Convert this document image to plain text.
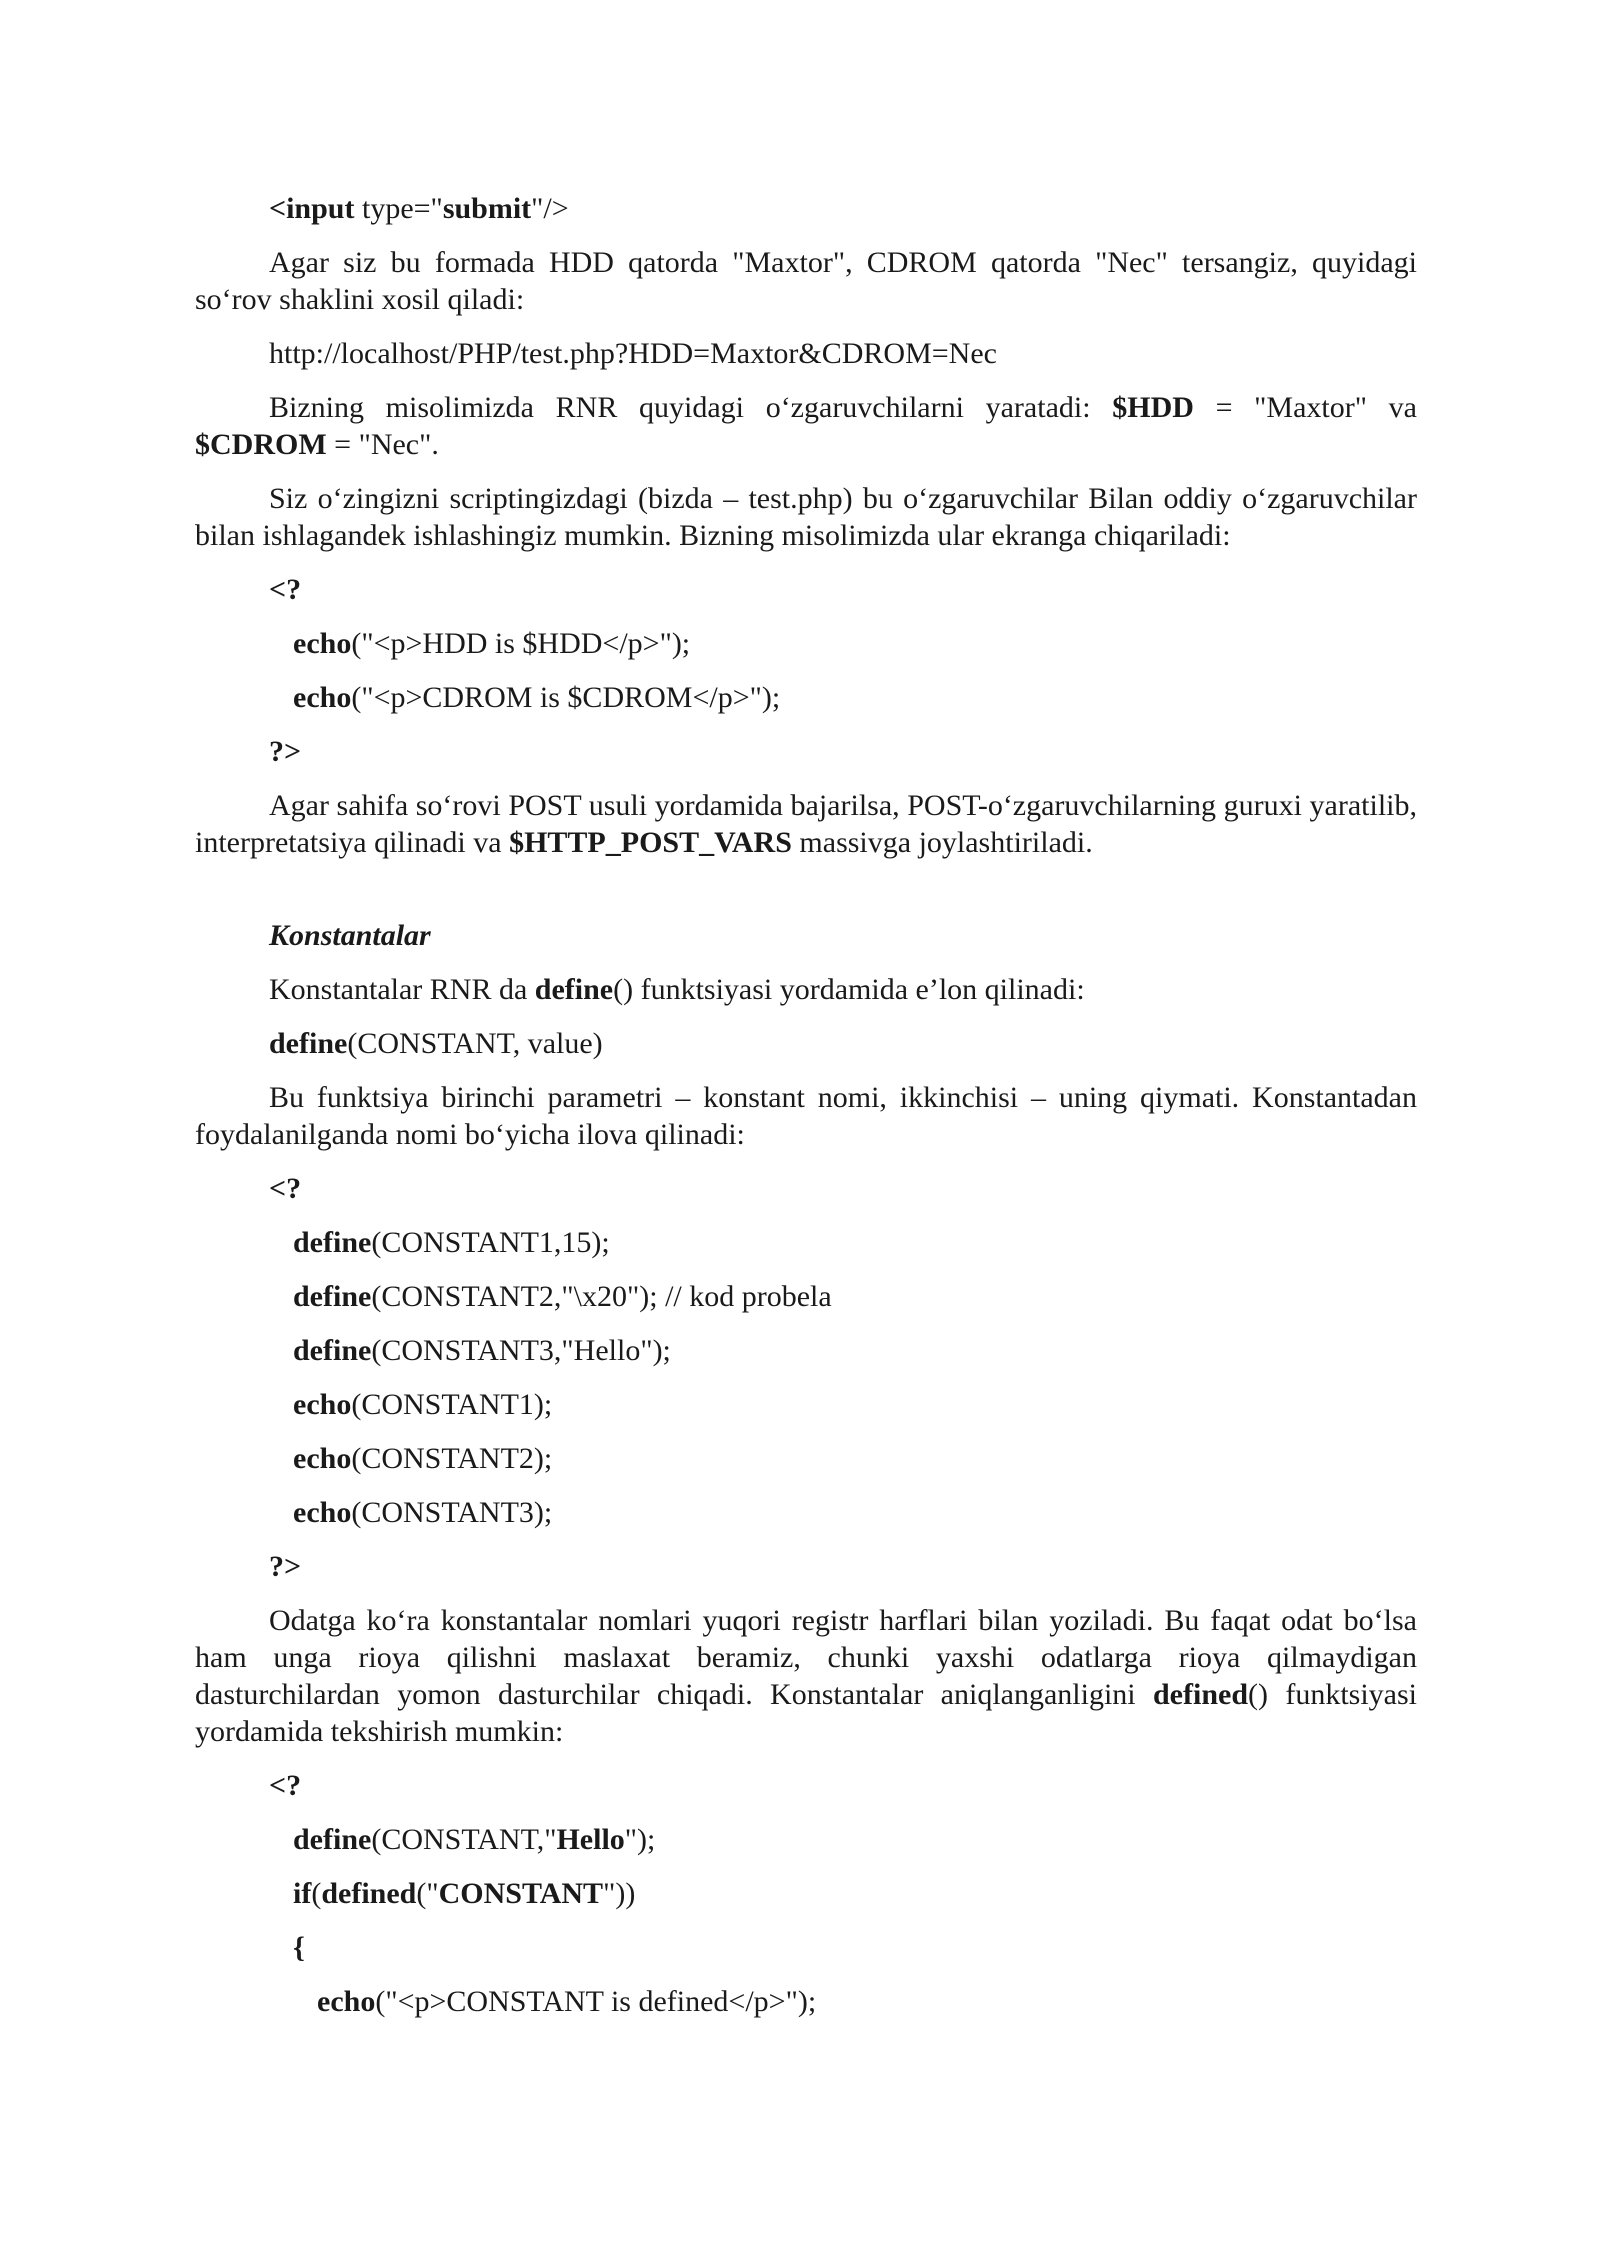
<input type="submit"/>

Agar siz bu formada HDD qatorda "Maxtor", CDROM qatorda "Nec" tersangiz, quyidagi so‘rov shaklini xosil qiladi:

http://localhost/PHP/test.php?HDD=Maxtor&CDROM=Nec

Bizning misolimizda RNR quyidagi o‘zgaruvchilarni yaratadi: $HDD = "Maxtor" va $CDROM = "Nec".

Siz o‘zingizni scriptingizdagi (bizda – test.php) bu o‘zgaruvchilar Bilan oddiy o‘zgaruvchilar bilan ishlagandek ishlashingiz mumkin. Bizning misolimizda ular ekranga chiqariladi:

<?
echo("<p>HDD is $HDD</p>");
echo("<p>CDROM is $CDROM</p>");
?>

Agar sahifa so‘rovi POST usuli yordamida bajarilsa, POST-o‘zgaruvchilarning guruxi yaratilib, interpretatsiya qilinadi va $HTTP_POST_VARS massivga joylashtiriladi.

Konstantalar
Konstantalar RNR da define() funktsiyasi yordamida e’lon qilinadi:
define(CONSTANT, value)

Bu funktsiya birinchi parametri – konstant nomi, ikkinchisi – uning qiymati. Konstantadan foydalanilganda nomi bo‘yicha ilova qilinadi:

<?
define(CONSTANT1,15);
define(CONSTANT2,"\x20"); // kod probela
define(CONSTANT3,"Hello");
echo(CONSTANT1);
echo(CONSTANT2);
echo(CONSTANT3);
?>

Odatga ko‘ra konstantalar nomlari yuqori registr harflari bilan yoziladi. Bu faqat odat bo‘lsa ham unga rioya qilishni maslaxat beramiz, chunki yaxshi odatlarga rioya qilmaydigan dasturchilardan yomon dasturchilar chiqadi. Konstantalar aniqlanganligini defined() funktsiyasi yordamida tekshirish mumkin:

<?
define(CONSTANT,"Hello");
if(defined("CONSTANT"))
{
echo("<p>CONSTANT is defined</p>");
